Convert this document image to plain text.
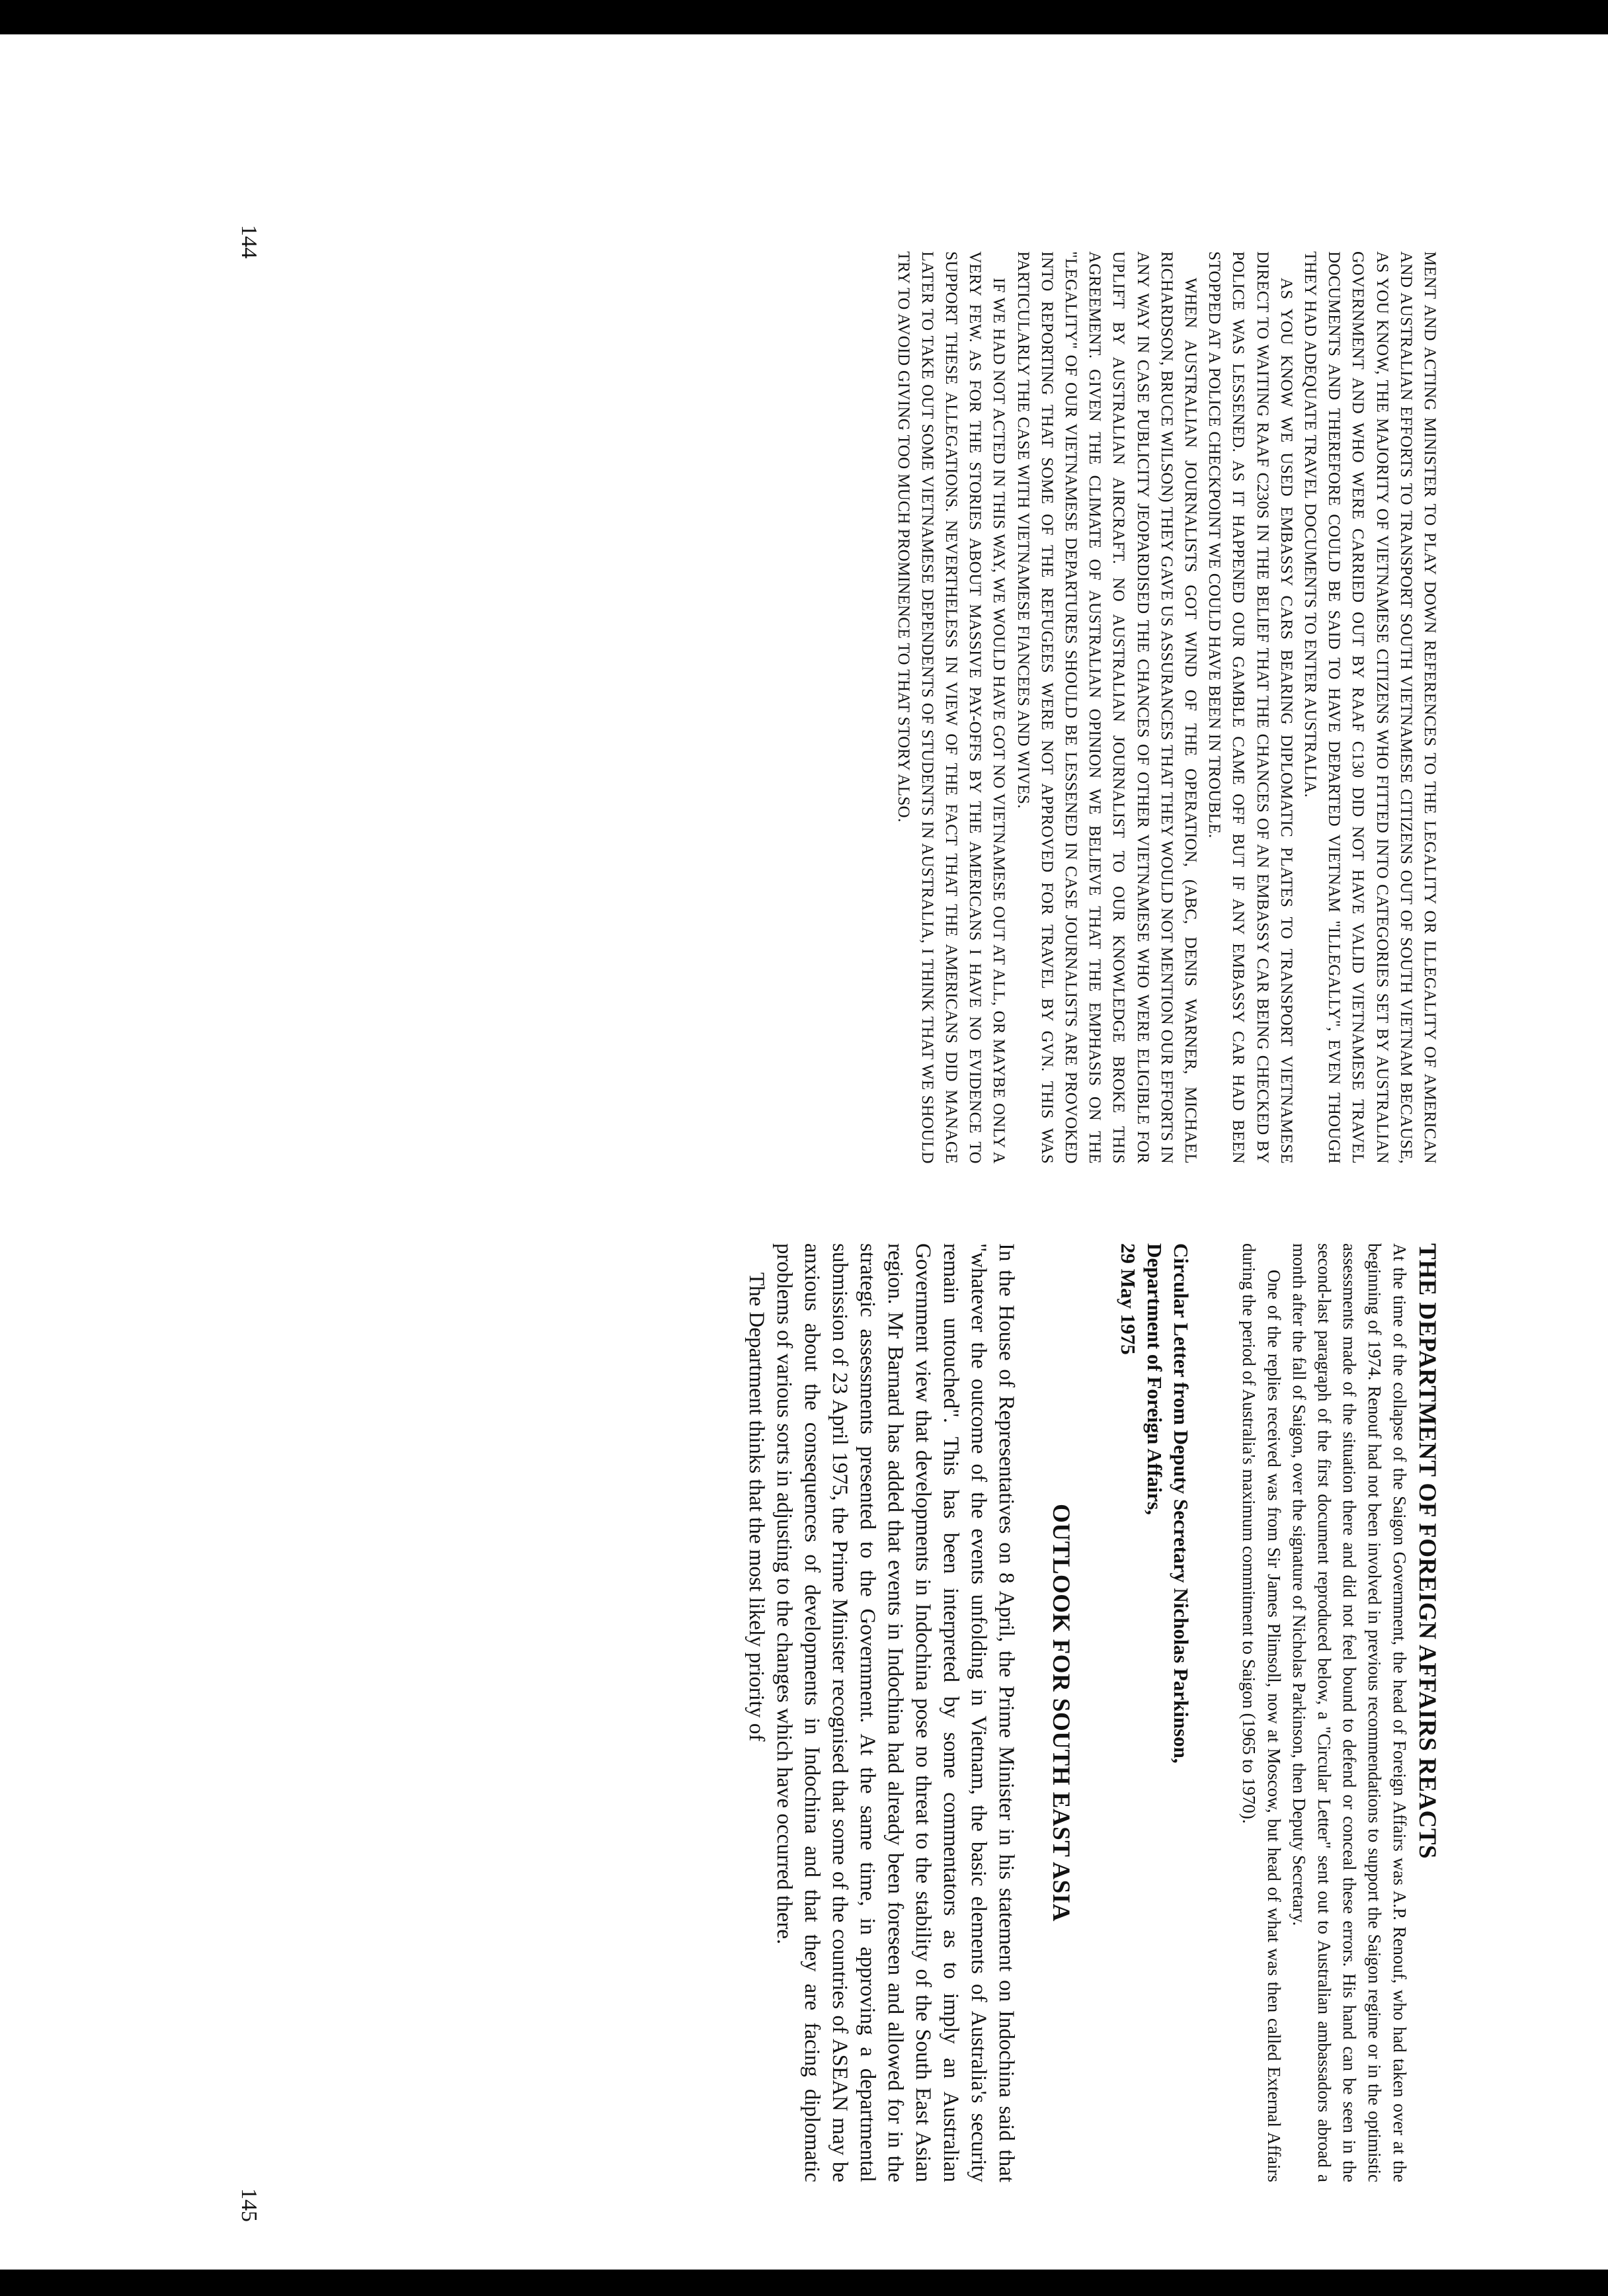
MENT AND ACTING MINISTER TO PLAY DOWN REFERENCES TO THE LEGALITY OR ILLEGALITY OF AMERICAN AND AUSTRALIAN EFFORTS TO TRANSPORT SOUTH VIETNAMESE CITIZENS OUT OF SOUTH VIETNAM BECAUSE, AS YOU KNOW, THE MAJORITY OF VIETNAMESE CITIZENS WHO FITTED INTO CATEGORIES SET BY AUSTRALIAN GOVERNMENT AND WHO WERE CARRIED OUT BY RAAF C130 DID NOT HAVE VALID VIETNAMESE TRAVEL DOCUMENTS AND THEREFORE COULD BE SAID TO HAVE DEPARTED VIETNAM "ILLEGALLY", EVEN THOUGH THEY HAD ADEQUATE TRAVEL DOCUMENTS TO ENTER AUSTRALIA.

AS YOU KNOW WE USED EMBASSY CARS BEARING DIPLOMATIC PLATES TO TRANSPORT VIETNAMESE DIRECT TO WAITING RAAF C230S IN THE BELIEF THAT THE CHANCES OF AN EMBASSY CAR BEING CHECKED BY POLICE WAS LESSENED. AS IT HAPPENED OUR GAMBLE CAME OFF BUT IF ANY EMBASSY CAR HAD BEEN STOPPED AT A POLICE CHECKPOINT WE COULD HAVE BEEN IN TROUBLE.

WHEN AUSTRALIAN JOURNALISTS GOT WIND OF THE OPERATION, (ABC, DENIS WARNER, MICHAEL RICHARDSON, BRUCE WILSON) THEY GAVE US ASSURANCES THAT THEY WOULD NOT MENTION OUR EFFORTS IN ANY WAY IN CASE PUBLICITY JEOPARDISED THE CHANCES OF OTHER VIETNAMESE WHO WERE ELIGIBLE FOR UPLIFT BY AUSTRALIAN AIRCRAFT. NO AUSTRALIAN JOURNALIST TO OUR KNOWLEDGE BROKE THIS AGREEMENT. GIVEN THE CLIMATE OF AUSTRALIAN OPINION WE BELIEVE THAT THE EMPHASIS ON THE "LEGALITY" OF OUR VIETNAMESE DEPARTURES SHOULD BE LESSENED IN CASE JOURNALISTS ARE PROVOKED INTO REPORTING THAT SOME OF THE REFUGEES WERE NOT APPROVED FOR TRAVEL BY GVN. THIS WAS PARTICULARLY THE CASE WITH VIETNAMESE FIANCEES AND WIVES.

IF WE HAD NOT ACTED IN THIS WAY, WE WOULD HAVE GOT NO VIETNAMESE OUT AT ALL, OR MAYBE ONLY A VERY FEW. AS FOR THE STORIES ABOUT MASSIVE PAY-OFFS BY THE AMERICANS I HAVE NO EVIDENCE TO SUPPORT THESE ALLEGATIONS. NEVERTHELESS IN VIEW OF THE FACT THAT THE AMERICANS DID MANAGE LATER TO TAKE OUT SOME VIETNAMESE DEPENDENTS OF STUDENTS IN AUSTRALIA, I THINK THAT WE SHOULD TRY TO AVOID GIVING TOO MUCH PROMINENCE TO THAT STORY ALSO.

144
THE DEPARTMENT OF FOREIGN AFFAIRS REACTS

At the time of the collapse of the Saigon Government, the head of Foreign Affairs was A.P. Renouf, who had taken over at the beginning of 1974. Renouf had not been involved in previous recommendations to support the Saigon regime or in the optimistic assessments made of the situation there and did not feel bound to defend or conceal these errors. His hand can be seen in the second-last paragraph of the first document reproduced below, a "Circular Letter" sent out to Australian ambassadors abroad a month after the fall of Saigon, over the signature of Nicholas Parkinson, then Deputy Secretary.

One of the replies received was from Sir James Plimsoll, now at Moscow, but head of what was then called External Affairs during the period of Australia's maximum commitment to Saigon (1965 to 1970).

Circular Letter from Deputy Secretary Nicholas Parkinson,
Department of Foreign Affairs,
29 May 1975
OUTLOOK FOR SOUTH EAST ASIA

In the House of Representatives on 8 April, the Prime Minister in his statement on Indochina said that "whatever the outcome of the events unfolding in Vietnam, the basic elements of Australia's security remain untouched". This has been interpreted by some commentators as to imply an Australian Government view that developments in Indochina pose no threat to the stability of the South East Asian region. Mr Barnard has added that events in Indochina had already been foreseen and allowed for in the strategic assessments presented to the Government. At the same time, in approving a departmental submission of 23 April 1975, the Prime Minister recognised that some of the countries of ASEAN may be anxious about the consequences of developments in Indochina and that they are facing diplomatic problems of various sorts in adjusting to the changes which have occurred there.

The Department thinks that the most likely priority of

145
